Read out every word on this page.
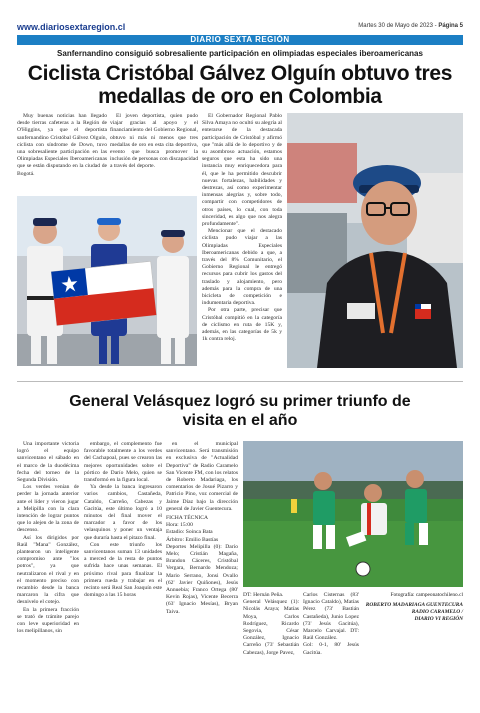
www.diariosextaregion.cl	Martes 30 de Mayo de 2023 - Página 5
DIARIO SEXTA REGIÓN
Sanfernandino consiguió sobresaliente participación en olimpiadas especiales iberoamericanas
Ciclista Cristóbal Gálvez Olguín obtuvo tres medallas de oro en Colombia

Muy buenas noticias han llegado desde tierras cafeteras a la Región de O'Higgins, ya que el deportista sanfernandino Cristóbal Gálvez Olguín, ciclista con síndrome de Down, tuvo una sobresaliente participación en las Olimpiadas Especiales Iberoamericanas que se están disputando en la ciudad de Bogotá.

El joven deportista, quien pudo viajar gracias al apoyo y el financiamiento del Gobierno Regional, obtuvo ni más ni menos que tres medallas de oro en esta cita deportiva, evento que busca promover la inclusión de personas con discapacidad a través del deporte.

El Gobernador Regional Pablo Silva Amaya no ocultó su alegría al enterarse de la destacada participación de Cristóbal y afirmó que "más allá de lo deportivo y de su asombroso actuación, estamos seguros que esta ha sido una instancia muy enriquecedora para él, que le ha permitido descubrir nuevas fortalezas, habilidades y destrezas, así como experimentar inmensas alegrías y, sobre todo, compartir con competidores de otros países, lo cual, con toda sinceridad, es algo que nos alegra profundamente".

Mencionar que el destacado ciclista pudo viajar a las Olimpiadas Especiales Iberoamericanas debido a que, a través del 8% Comunitario, el Gobierno Regional le entregó recursos para cubrir los gastos del traslado y alojamiento, pero además para la compra de una bicicleta de competición e indumentaria deportiva.

Por otra parte, precisar que Cristóbal compitió en la categoría de ciclismo en ruta de 15K y, además, en las categorías de 5k y 1k contra reloj.

General Velásquez logró su primer triunfo de visita en el año

Una importante victoria logró el equipo sanvicentano el sábado en el marco de la duodécima fecha del torneo de la Segunda División.

Los verdes venían de perder la jornada anterior ante el líder y vieron jugar a Melipilla con la clara intención de lograr puntos que lo alejen de la zona de descenso.

Así los dirigidos por Raúl "Mana" González, plantearon un inteligente compromiso ante "los potros", ya que neutralizaron el rival y en el momento preciso con recambio desde la banca marcaron la cifra que desnivelo el cotejo.

En la primera fracción se trató de trámite parejo con leve superioridad en los melipillanos, sin

embargo, el complemento fue favorable totalmente a los verdes del Cachapoal, pues se crearon las mejores oportunidades sobre el pórtico de Darío Melo, quien se transformó en la figura local.

Ya desde la banca ingresaron varios cambios, Castañeda, Cataldo, Carreño, Cabezas y Gacitúa, este último logró a 10 minutos del final mover el marcador a favor de los velasquinos y poner un ventaja que duraría hasta el pitazo final.

Con este triunfo los sanvicentanos suman 13 unidades a merced de la resta de puntos sufrida hace unas semanas. El próximo rival para finalizar la primera rueda y trabajar en el recinto será Real San Joaquín este domingo a las 15 horas

en el municipal sanvicentano. Será transmisión en exclusiva de "Actualidad Deportiva" de Radio Caramelo San Vicente FM, con los relatos de Roberto Madariaga, los comentarios de Josué Pizarro y Patricio Pino, voz comercial de Jaime Díaz bajo la dirección general de Javier Guentecura.

FICHA TÉCNICA

Hora: 15:00
Estadio: Soinca Bata
Árbitro: Emilio Bastías
Deportes Melipilla (0): Darío Melo; Cristián Magaña, Brandon Cáceres, Cristóbal Vergara, Bernardo Mendoza; Mario Serrano, Jonsi Ovallo (62' Javier Quiñones), Jesús Annuebia; Franco Ortega (80' Kevin Rojas), Vicente Becerra (63' Ignacio Mesías), Bryan Taiva.

DT: Hernán Peña.
General Velásquez (1): Nicolás Araya; Matías Moya, Carlos Rodríguez, Ricardo Segovia, César González, Ignacio Carreño (73' Sebastián Cabezas), Jorge Pavez,

Carlos Cisternas (83' Ignacio Cataldo), Matías Pérez (73' Bastián Castañeda), Junio Lopez (73' Jesús Gacitúa), Marcelo Carvajal. DT: Raúl González.
Gol: 0-1, 80' Jesús Gacitúa.

Fotografía: campeonatochileno.cl
ROBERTO MADARIAGA GUENTECURA
RADIO CARAMELO /
DIARIO VI REGIÓN
